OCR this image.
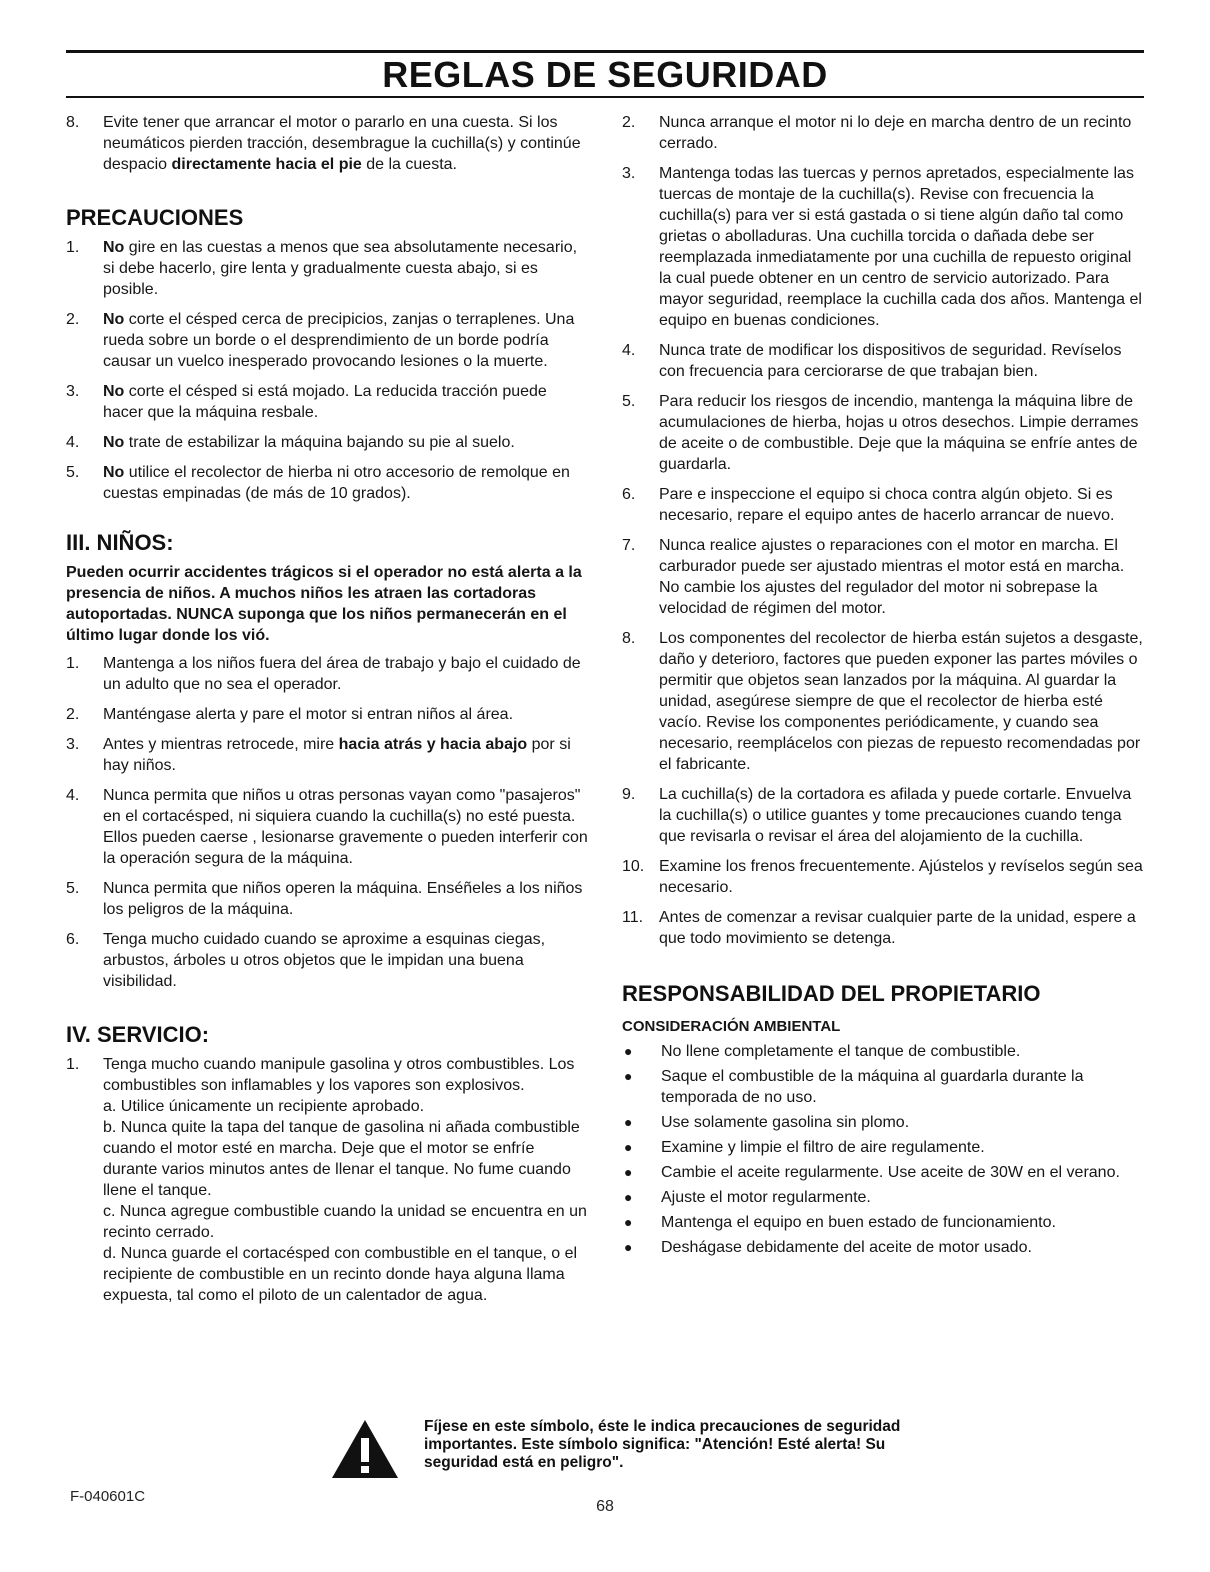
REGLAS DE SEGURIDAD
8.	Evite tener que arrancar el motor o pararlo en una cuesta. Si los neumáticos pierden tracción, desembrague la cuchilla(s) y continúe despacio directamente hacia el pie de la cuesta.
PRECAUCIONES
1.	No gire en las cuestas a menos que sea absolutamente necesario, si debe hacerlo, gire lenta y gradualmente cuesta abajo, si es posible.
2.	No corte el césped cerca de precipicios, zanjas o terraplenes. Una rueda sobre un borde o el desprendimiento de un borde podría causar un vuelco inesperado provocando lesiones o la muerte.
3.	No corte el césped si está mojado. La reducida tracción puede hacer que la máquina resbale.
4.	No trate de estabilizar la máquina bajando su pie al suelo.
5.	No utilice el recolector de hierba ni otro accesorio de remolque en cuestas empinadas (de más de 10 grados).
III. NIÑOS:
Pueden ocurrir accidentes trágicos si el operador no está alerta a la presencia de niños. A muchos niños les atraen las cortadoras autoportadas. NUNCA suponga que los niños permanecerán en el último lugar donde los vió.
1.	Mantenga a los niños fuera del área de trabajo y bajo el cuidado de un adulto que no sea el operador.
2.	Manténgase alerta y pare el motor si entran niños al área.
3.	Antes y mientras retrocede, mire hacia atrás y hacia abajo por si hay niños.
4.	Nunca permita que niños u otras personas vayan como "pasajeros" en el cortacésped, ni siquiera cuando la cuchilla(s) no esté puesta. Ellos pueden caerse , lesionarse gravemente o pueden interferir con la operación segura de la máquina.
5.	Nunca permita que niños operen la máquina. Enséñeles a los niños los peligros de la máquina.
6.	Tenga mucho cuidado cuando se aproxime a esquinas ciegas, arbustos, árboles u otros objetos que le impidan una buena visibilidad.
IV. SERVICIO:
1.	Tenga mucho cuando manipule gasolina y otros combustibles. Los combustibles son inflamables y los vapores son explosivos.
a. Utilice únicamente un recipiente aprobado.
b. Nunca quite la tapa del tanque de gasolina ni añada combustible cuando el motor esté en marcha. Deje que el motor se enfríe durante varios minutos antes de llenar el tanque. No fume cuando llene el tanque.
c. Nunca agregue combustible cuando la unidad se encuentra en un recinto cerrado.
d. Nunca guarde el cortacésped con combustible en el tanque, o el recipiente de combustible en un recinto donde haya alguna llama expuesta, tal como el piloto de un calentador de agua.
2.	Nunca arranque el motor ni lo deje en marcha dentro de un recinto cerrado.
3.	Mantenga todas las tuercas y pernos apretados, especialmente las tuercas de montaje de la cuchilla(s). Revise con frecuencia la cuchilla(s) para ver si está gastada o si tiene algún daño tal como grietas o abolladuras. Una cuchilla torcida o dañada debe ser reemplazada inmediatamente por una cuchilla de repuesto original la cual puede obtener en un centro de servicio autorizado. Para mayor seguridad, reemplace la cuchilla cada dos años. Mantenga el equipo en buenas condiciones.
4.	Nunca trate de modificar los dispositivos de seguridad. Revíselos con frecuencia para cerciorarse de que trabajan bien.
5.	Para reducir los riesgos de incendio, mantenga la máquina libre de acumulaciones de hierba, hojas u otros desechos. Limpie derrames de aceite o de combustible. Deje que la máquina se enfríe antes de guardarla.
6.	Pare e inspeccione el equipo si choca contra algún objeto. Si es necesario, repare el equipo antes de hacerlo arrancar de nuevo.
7.	Nunca realice ajustes o reparaciones con el motor en marcha. El carburador puede ser ajustado mientras el motor está en marcha. No cambie los ajustes del regulador del motor ni sobrepase la velocidad de régimen del motor.
8.	Los componentes del recolector de hierba están sujetos a desgaste, daño y deterioro, factores que pueden exponer las partes móviles o permitir que objetos sean lanzados por la máquina. Al guardar la unidad, asegúrese siempre de que el recolector de hierba esté vacío. Revise los componentes periódicamente, y cuando sea necesario, reemplácelos con piezas de repuesto recomendadas por el fabricante.
9.	La cuchilla(s) de la cortadora es afilada y puede cortarle. Envuelva la cuchilla(s) o utilice guantes y tome precauciones cuando tenga que revisarla o revisar el área del alojamiento de la cuchilla.
10. Examine los frenos frecuentemente. Ajústelos y revíselos según sea necesario.
11. Antes de comenzar a revisar cualquier parte de la unidad, espere a que todo movimiento se detenga.
RESPONSABILIDAD DEL PROPIETARIO
CONSIDERACIÓN AMBIENTAL
●	No llene completamente el tanque de combustible.
●	Saque el combustible de la máquina al guardarla durante la temporada de no uso.
●	Use solamente gasolina sin plomo.
●	Examine y limpie el filtro de aire regulamente.
●	Cambie el aceite regularmente. Use aceite de 30W en el verano.
●	Ajuste el motor regularmente.
●	Mantenga el equipo en buen estado de funcionamiento.
●	Deshágase debidamente del aceite de motor usado.
Fíjese en este símbolo, éste le indica precauciones de seguridad importantes. Este símbolo significa: "Atención! Esté alerta! Su seguridad está en peligro".
F-040601C
68
